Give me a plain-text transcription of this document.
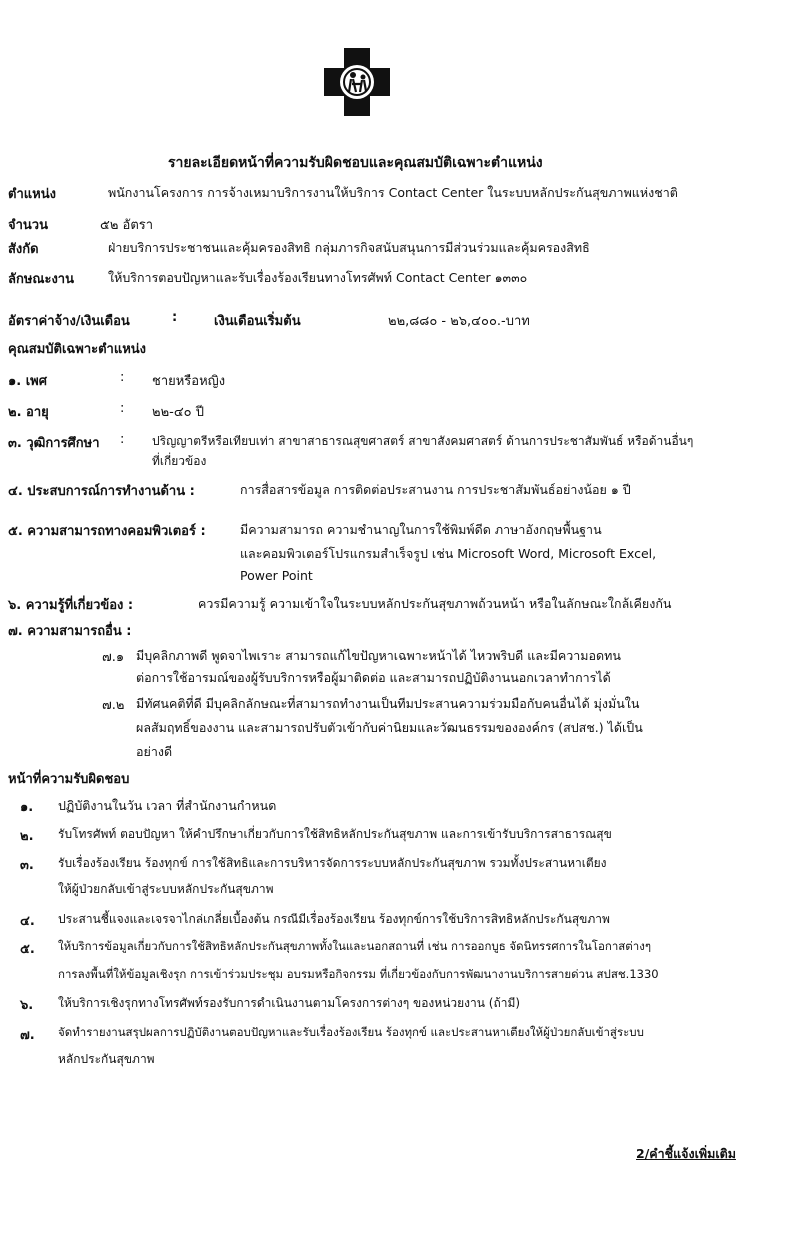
รายละเอียดหน้าที่ความรับผิดชอบและคุณสมบัติเฉพาะตำแหน่ง
ตำแหน่ง	พนักงานโครงการ การจ้างเหมาบริการงานให้บริการ Contact Center ในระบบหลักประกันสุขภาพแห่งชาติ
จำนวน	๕๒ อัตรา
สังกัด	ฝ่ายบริการประชาชนและคุ้มครองสิทธิ กลุ่มภารกิจสนับสนุนการมีส่วนร่วมและคุ้มครองสิทธิ
ลักษณะงาน	ให้บริการตอบปัญหาและรับเรื่องร้องเรียนทางโทรศัพท์ Contact Center ๑๓๓๐
อัตราค่าจ้าง/เงินเดือน	:	เงินเดือนเริ่มต้น	๒๒,๘๘๐ - ๒๖,๔๐๐.-บาท
คุณสมบัติเฉพาะตำแหน่ง
๑. เพศ	: ชายหรือหญิง
๒. อายุ	: ๒๒-๔๐ ปี
๓. วุฒิการศึกษา : ปริญญาตรีหรือเทียบเท่า สาขาสาธารณสุขศาสตร์ สาขาสังคมศาสตร์ ด้านการประชาสัมพันธ์ หรือด้านอื่นๆ
ที่เกี่ยวข้อง
๔. ประสบการณ์การทำงานด้าน :	การสื่อสารข้อมูล การติดต่อประสานงาน การประชาสัมพันธ์อย่างน้อย ๑ ปี
๕. ความสามารถทางคอมพิวเตอร์ :	มีความสามารถ ความชำนาญในการใช้พิมพ์ดีด ภาษาอังกฤษพื้นฐาน
และคอมพิวเตอร์โปรแกรมสำเร็จรูป เช่น Microsoft Word, Microsoft Excel,
Power Point
๖. ความรู้ที่เกี่ยวข้อง :	ควรมีความรู้ ความเข้าใจในระบบหลักประกันสุขภาพถ้วนหน้า หรือในลักษณะใกล้เคียงกัน
๗. ความสามารถอื่น :
๗.๑ มีบุคลิกภาพดี พูดจาไพเราะ สามารถแก้ไขปัญหาเฉพาะหน้าได้ ไหวพริบดี และมีความอดทน
ต่อการใช้อารมณ์ของผู้รับบริการหรือผู้มาติดต่อ และสามารถปฏิบัติงานนอกเวลาทำการได้
๗.๒ มีทัศนคติที่ดี มีบุคลิกลักษณะที่สามารถทำงานเป็นทีมประสานความร่วมมือกับคนอื่นได้ มุ่งมั่นใน
ผลสัมฤทธิ์ของงาน และสามารถปรับตัวเข้ากับค่านิยมและวัฒนธรรมขององค์กร (สปสช.) ได้เป็น
อย่างดี
หน้าที่ความรับผิดชอบ
๑. ปฏิบัติงานในวัน เวลา ที่สำนักงานกำหนด
๒. รับโทรศัพท์ ตอบปัญหา ให้คำปรึกษาเกี่ยวกับการใช้สิทธิหลักประกันสุขภาพ และการเข้ารับบริการสาธารณสุข
๓. รับเรื่องร้องเรียน ร้องทุกข์ การใช้สิทธิและการบริหารจัดการระบบหลักประกันสุขภาพ รวมทั้งประสานหาเตียง
ให้ผู้ป่วยกลับเข้าสู่ระบบหลักประกันสุขภาพ
๔. ประสานชี้แจงและเจรจาไกล่เกลี่ยเบื้องต้น กรณีมีเรื่องร้องเรียน ร้องทุกข์การใช้บริการสิทธิหลักประกันสุขภาพ
๕. ให้บริการข้อมูลเกี่ยวกับการใช้สิทธิหลักประกันสุขภาพทั้งในและนอกสถานที่ เช่น การออกบูธ จัดนิทรรศการในโอกาสต่างๆ
การลงพื้นที่ให้ข้อมูลเชิงรุก การเข้าร่วมประชุม อบรมหรือกิจกรรม ที่เกี่ยวข้องกับการพัฒนางานบริการสายด่วน สปสช.1330
๖. ให้บริการเชิงรุกทางโทรศัพท์รองรับการดำเนินงานตามโครงการต่างๆ ของหน่วยงาน (ถ้ามี)
๗. จัดทำรายงานสรุปผลการปฏิบัติงานตอบปัญหาและรับเรื่องร้องเรียน ร้องทุกข์ และประสานหาเตียงให้ผู้ป่วยกลับเข้าสู่ระบบ
หลักประกันสุขภาพ
2/คำชี้แจ้งเพิ่มเติม
